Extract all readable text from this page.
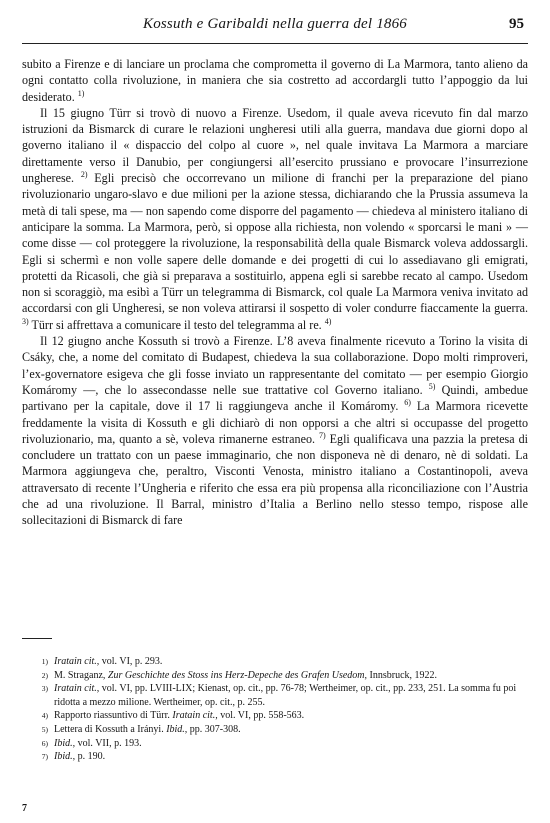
Kossuth e Garibaldi nella guerra del 1866	95

subito a Firenze e di lanciare un proclama che comprometta il governo di La Marmora, tanto alieno da ogni contatto colla rivoluzione, in maniera che sia costretto ad accordargli tutto l’appoggio da lui desiderato. $^{1)}$

Il 15 giugno Türr si trovò di nuovo a Firenze. Usedom, il quale aveva ricevuto fin dal marzo istruzioni da Bismarck di curare le relazioni ungheresi utili alla guerra, mandava due giorni dopo al governo italiano il « dispaccio del colpo al cuore », nel quale invitava La Marmora a marciare direttamente verso il Danubio, per congiungersi all’esercito prussiano e provocare l’insurrezione ungherese. $^{2)}$ Egli precisò che occorrevano un milione di franchi per la preparazione del piano rivoluzionario ungaro-slavo e due milioni per la azione stessa, dichiarando che la Prussia assumeva la metà di tali spese, ma — non sapendo come disporre del pagamento — chiedeva al ministero italiano di anticipare la somma. La Marmora, però, si oppose alla richiesta, non volendo « sporcarsi le mani » — come disse — col proteggere la rivoluzione, la responsabilità della quale Bismarck voleva addossargli. Egli si schermì e non volle sapere delle domande e dei progetti di cui lo assediavano gli emigrati, protetti da Ricasoli, che già si preparava a sostituirlo, appena egli si sarebbe recato al campo. Usedom non si scoraggiò, ma esibì a Türr un telegramma di Bismarck, col quale La Marmora veniva invitato ad accordarsi con gli Ungheresi, se non voleva attirarsi il sospetto di voler condurre fiaccamente la guerra. $^{3)}$ Türr si affrettava a comunicare il testo del telegramma al re. $^{4)}$

Il 12 giugno anche Kossuth si trovò a Firenze. L’8 aveva finalmente ricevuto a Torino la visita di Csáky, che, a nome del comitato di Budapest, chiedeva la sua collaborazione. Dopo molti rimproveri, l’ex-governatore esigeva che gli fosse inviato un rappresentante del comitato — per esempio Giorgio Komáromy —, che lo assecondasse nelle sue trattative col Governo italiano. $^{5)}$ Quindi, ambedue partivano per la capitale, dove il 17 li raggiungeva anche il Komáromy. $^{6)}$ La Marmora ricevette freddamente la visita di Kossuth e gli dichiarò di non opporsi a che altri si occupasse del progetto rivoluzionario, ma, quanto a sè, voleva rimanerne estraneo. $^{7)}$ Egli qualificava una pazzia la pretesa di concludere un trattato con un paese immaginario, che non disponeva nè di denaro, nè di soldati. La Marmora aggiungeva che, peraltro, Visconti Venosta, ministro italiano a Costantinopoli, aveva attraversato di recente l’Ungheria e riferito che essa era più propensa alla riconciliazione con l’Austria che ad una rivoluzione. Il Barral, ministro d’Italia a Berlino nello stesso tempo, rispose alle sollecitazioni di Bismarck di fare

1) Iratain cit., vol. VI, p. 293.
2) M. Straganz, Zur Geschichte des Stoss ins Herz-Depeche des Grafen Usedom, Innsbruck, 1922.
3) Iratain cit., vol. VI, pp. LVIII-LIX; Kienast, op. cit., pp. 76-78; Wertheimer, op. cit., pp. 233, 251. La somma fu poi ridotta a mezzo milione. Wertheimer, op. cit., p. 255.
4) Rapporto riassuntivo di Türr. Iratain cit., vol. VI, pp. 558-563.
5) Lettera di Kossuth a Irányi. Ibid., pp. 307-308.
6) Ibid., vol. VII, p. 193.
7) Ibid., p. 190.
7
